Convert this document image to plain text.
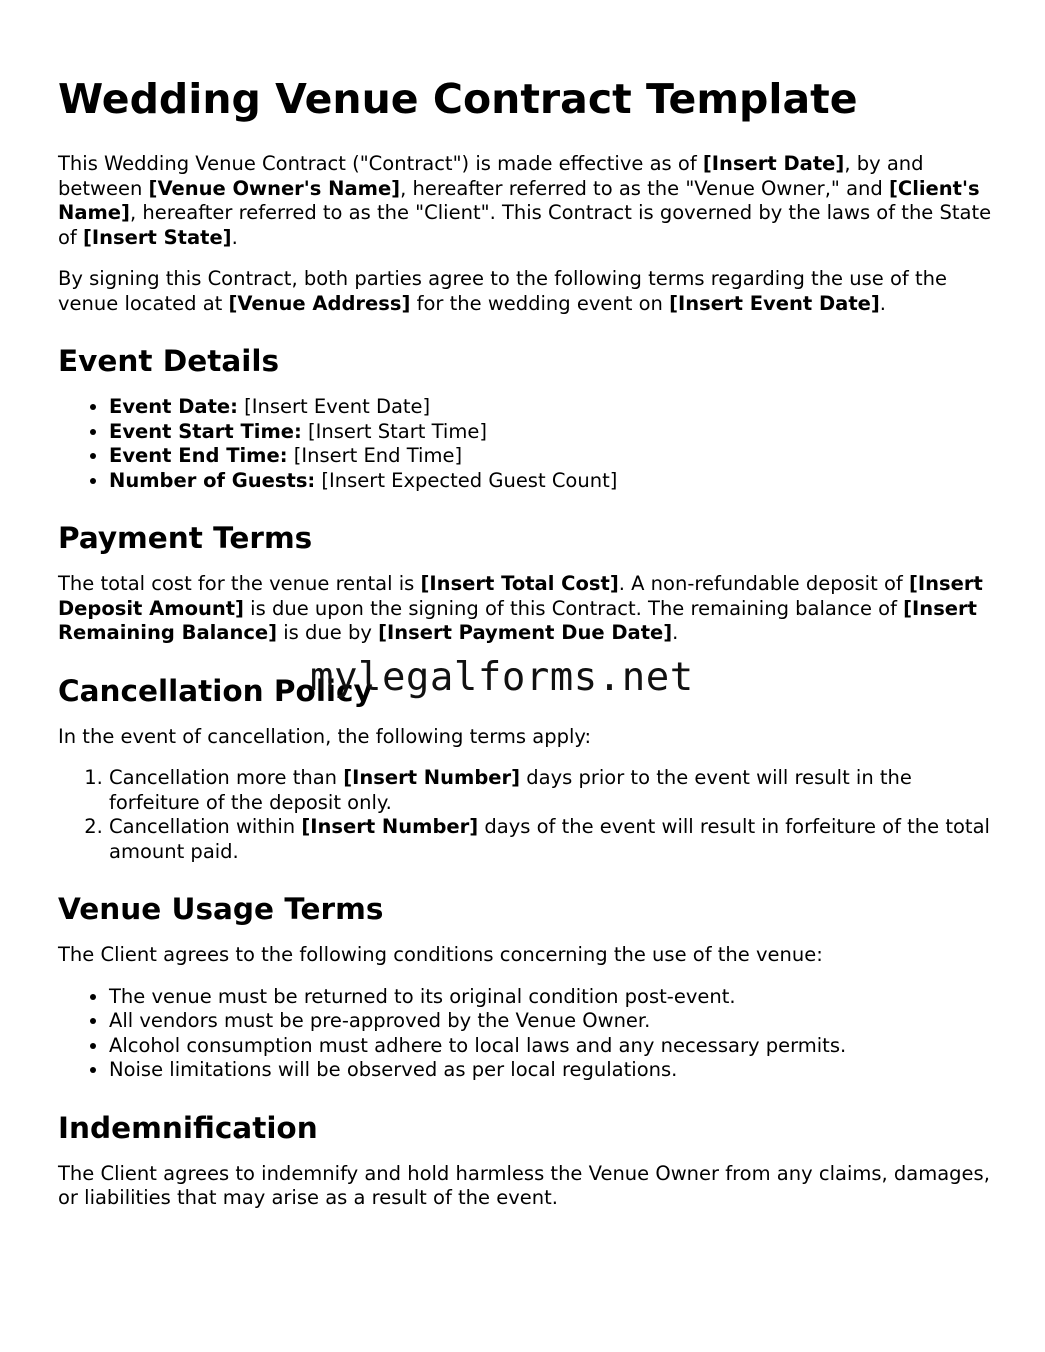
Wedding Venue Contract Template

This Wedding Venue Contract ("Contract") is made effective as of [Insert Date], by and between [Venue Owner's Name], hereafter referred to as the "Venue Owner," and [Client's Name], hereafter referred to as the "Client". This Contract is governed by the laws of the State of [Insert State].

By signing this Contract, both parties agree to the following terms regarding the use of the venue located at [Venue Address] for the wedding event on [Insert Event Date].

Event Details
• Event Date: [Insert Event Date]
• Event Start Time: [Insert Start Time]
• Event End Time: [Insert End Time]
• Number of Guests: [Insert Expected Guest Count]
Payment Terms

The total cost for the venue rental is [Insert Total Cost]. A non-refundable deposit of [Insert Deposit Amount] is due upon the signing of this Contract. The remaining balance of [Insert Remaining Balance] is due by [Insert Payment Due Date].

Cancellation Policy

In the event of cancellation, the following terms apply:

1. Cancellation more than [Insert Number] days prior to the event will result in the forfeiture of the deposit only.
2. Cancellation within [Insert Number] days of the event will result in forfeiture of the total amount paid.
Venue Usage Terms

The Client agrees to the following conditions concerning the use of the venue:

• The venue must be returned to its original condition post-event.
• All vendors must be pre-approved by the Venue Owner.
• Alcohol consumption must adhere to local laws and any necessary permits.
• Noise limitations will be observed as per local regulations.
Indemnification

The Client agrees to indemnify and hold harmless the Venue Owner from any claims, damages, or liabilities that may arise as a result of the event.

mylegalforms.net
